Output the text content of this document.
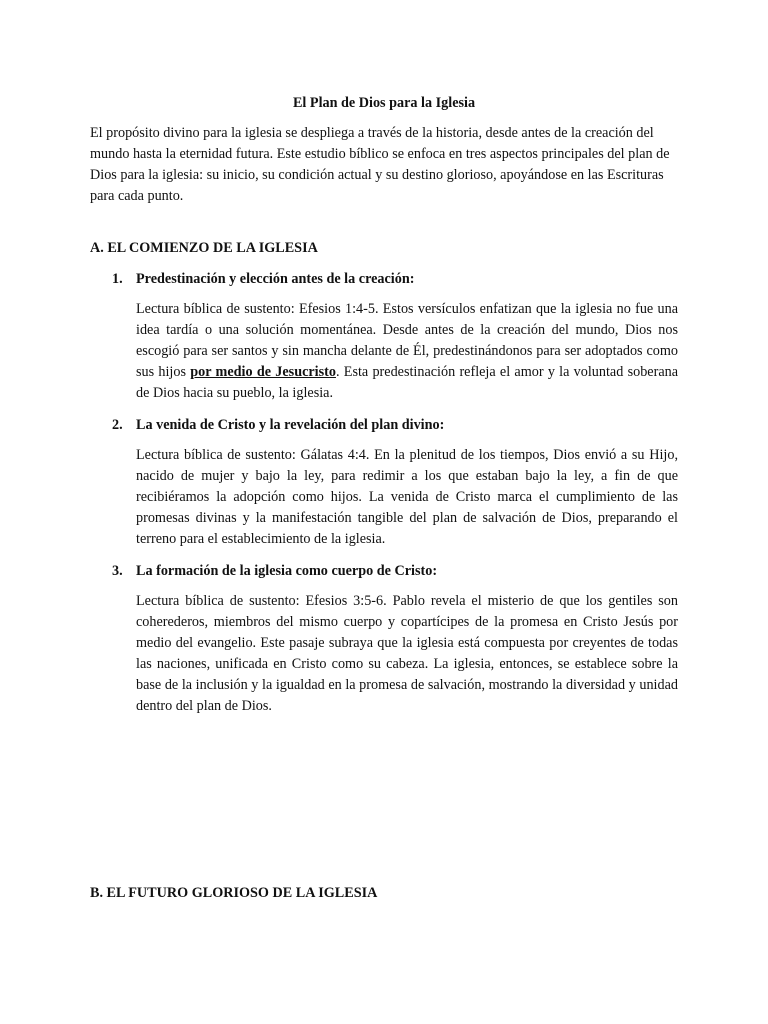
El Plan de Dios para la Iglesia

El propósito divino para la iglesia se despliega a través de la historia, desde antes de la creación del mundo hasta la eternidad futura. Este estudio bíblico se enfoca en tres aspectos principales del plan de Dios para la iglesia: su inicio, su condición actual y su destino glorioso, apoyándose en las Escrituras para cada punto.

A. EL COMIENZO DE LA IGLESIA
1. Predestinación y elección antes de la creación:

Lectura bíblica de sustento: Efesios 1:4-5. Estos versículos enfatizan que la iglesia no fue una idea tardía o una solución momentánea. Desde antes de la creación del mundo, Dios nos escogió para ser santos y sin mancha delante de Él, predestinándonos para ser adoptados como sus hijos por medio de Jesucristo. Esta predestinación refleja el amor y la voluntad soberana de Dios hacia su pueblo, la iglesia.

2. La venida de Cristo y la revelación del plan divino:

Lectura bíblica de sustento: Gálatas 4:4. En la plenitud de los tiempos, Dios envió a su Hijo, nacido de mujer y bajo la ley, para redimir a los que estaban bajo la ley, a fin de que recibiéramos la adopción como hijos. La venida de Cristo marca el cumplimiento de las promesas divinas y la manifestación tangible del plan de salvación de Dios, preparando el terreno para el establecimiento de la iglesia.

3. La formación de la iglesia como cuerpo de Cristo:

Lectura bíblica de sustento: Efesios 3:5-6. Pablo revela el misterio de que los gentiles son coherederos, miembros del mismo cuerpo y copartícipes de la promesa en Cristo Jesús por medio del evangelio. Este pasaje subraya que la iglesia está compuesta por creyentes de todas las naciones, unificada en Cristo como su cabeza. La iglesia, entonces, se establece sobre la base de la inclusión y la igualdad en la promesa de salvación, mostrando la diversidad y unidad dentro del plan de Dios.

B. EL FUTURO GLORIOSO DE LA IGLESIA
